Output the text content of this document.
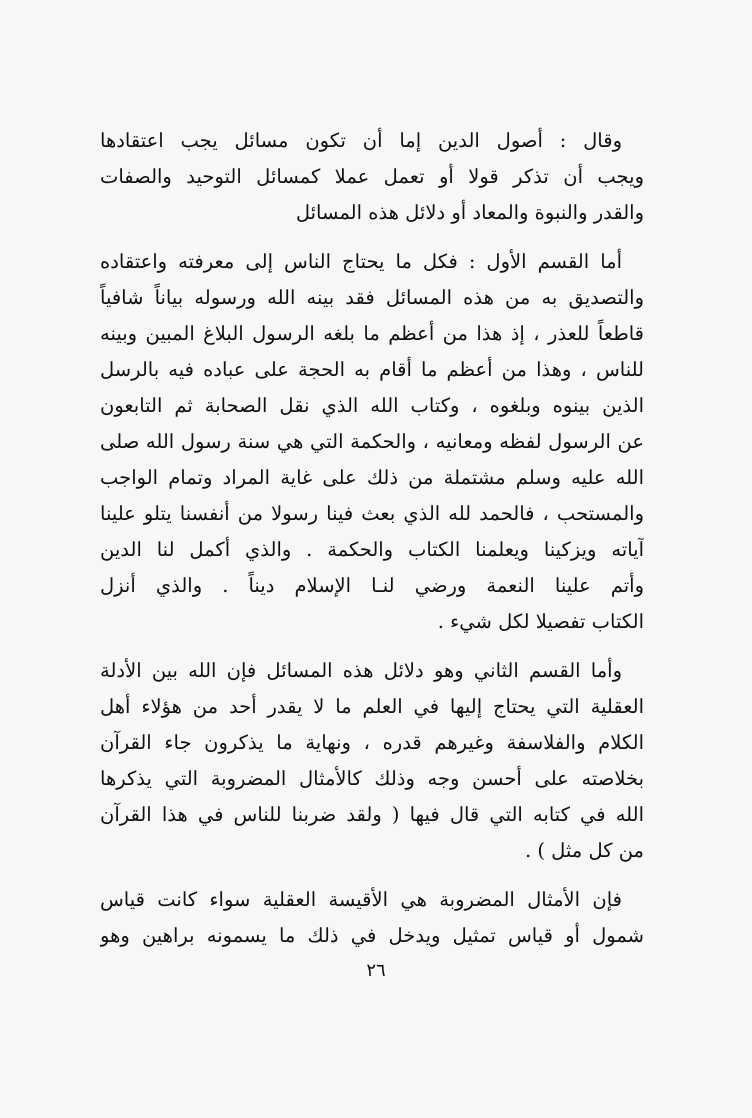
وقال : أصول الدين إما أن تكون مسائل يجب اعتقادها
ويجب أن تذكر قولا أو تعمل عملا كمسائل التوحيد والصفات
والقدر والنبوة والمعاد أو دلائل هذه المسائل

أما القسم الأول : فكل ما يحتاج الناس إلى معرفته واعتقاده
والتصديق به من هذه المسائل فقد بينه الله ورسوله بياناً شافياً
قاطعاً للعذر ، إذ هذا من أعظم ما بلغه الرسول البلاغ المبين وبينه
للناس ، وهذا من أعظم ما أقام به الحجة على عباده فيه بالرسل
الذين بينوه وبلغوه ، وكتاب الله الذي نقل الصحابة ثم التابعون
عن الرسول لفظه ومعانيه ، والحكمة التي هي سنة رسول الله صلى
الله عليه وسلم مشتملة من ذلك على غاية المراد وتمام الواجب
والمستحب ، فالحمد لله الذي بعث فينا رسولا من أنفسنا يتلو علينا
آياته ويزكينا ويعلمنا الكتاب والحكمة . والذي أكمل لنا الدين
وأتم علينا النعمة ورضي لنـا الإسلام ديناً . والذي أنزل
الكتاب تفصيلا لكل شيء .

وأما القسم الثاني وهو دلائل هذه المسائل فإن الله بين الأدلة
العقلية التي يحتاج إليها في العلم ما لا يقدر أحد من هؤلاء أهل
الكلام والفلاسفة وغيرهم قدره ، ونهاية ما يذكرون جاء القرآن
بخلاصته على أحسن وجه وذلك كالأمثال المضروبة التي يذكرها
الله في كتابه التي قال فيها ( ولقد ضربنا للناس في هذا القرآن
من كل مثل ) .

فإن الأمثال المضروبة هي الأقيسة العقلية سواء كانت قياس
شمول أو قياس تمثيل ويدخل في ذلك ما يسمونه براهين وهو

٢٦
